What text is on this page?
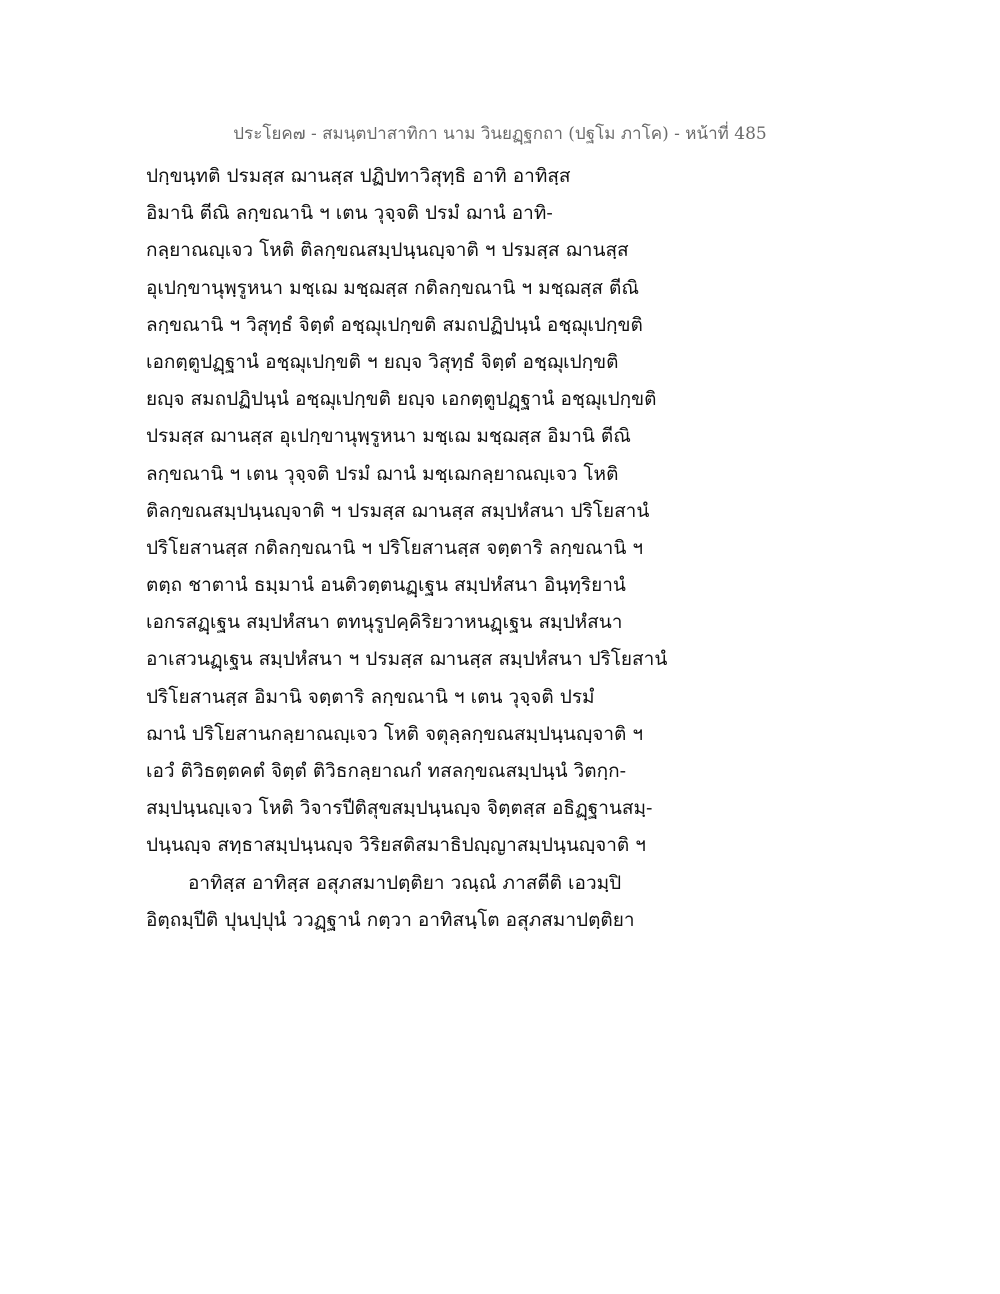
ประโยค๗ - สมนฺตปาสาทิกา นาม วินยฏฺฐกถา (ปฐโม ภาโค) - หน้าที่ 485
ปกฺขนฺทติ ปรมสฺส ฌานสฺส ปฏิปทาวิสุทฺธิ อาทิ อาทิสฺส
อิมานิ ตีณิ ลกฺขณานิ ฯ เตน วุจฺจติ ปรมํ ฌานํ อาทิ-
กลฺยาณญฺเจว โหติ ติลกฺขณสมฺปนฺนญฺจาติ ฯ ปรมสฺส ฌานสฺส
อุเปกฺขานุพฺรูหนา มชฺเฌ มชฺฌสฺส กติลกฺขณานิ ฯ มชฺฌสฺส ตีณิ
ลกฺขณานิ ฯ วิสุทฺธํ จิตฺตํ อชฺฌุเปกฺขติ สมถปฏิปนฺนํ อชฺฌุเปกฺขติ
เอกตฺตูปฏฺฐานํ อชฺฌุเปกฺขติ ฯ ยญฺจ วิสุทฺธํ จิตฺตํ อชฺฌุเปกฺขติ
ยญฺจ สมถปฏิปนฺนํ อชฺฌุเปกฺขติ ยญฺจ เอกตฺตูปฏฺฐานํ อชฺฌุเปกฺขติ
ปรมสฺส ฌานสฺส อุเปกฺขานุพฺรูหนา มชฺเฌ มชฺฌสฺส อิมานิ ตีณิ
ลกฺขณานิ ฯ เตน วุจฺจติ ปรมํ ฌานํ มชฺเฌกลฺยาณญฺเจว โหติ
ติลกฺขณสมฺปนฺนญฺจาติ ฯ ปรมสฺส ฌานสฺส สมฺปหํสนา ปริโยสานํ
ปริโยสานสฺส กติลกฺขณานิ ฯ ปริโยสานสฺส จตฺตาริ ลกฺขณานิ ฯ
ตตฺถ ชาตานํ ธมฺมานํ อนติวตฺตนฏฺเฐน สมฺปหํสนา อินฺทฺริยานํ
เอกรสฏฺเฐน สมฺปหํสนา ตทนุรูปคฺคิริยวาหนฏฺเฐน สมฺปหํสนา
อาเสวนฏฺเฐน สมฺปหํสนา ฯ ปรมสฺส ฌานสฺส สมฺปหํสนา ปริโยสานํ
ปริโยสานสฺส อิมานิ จตฺตาริ ลกฺขณานิ ฯ เตน วุจฺจติ ปรมํ
ฌานํ ปริโยสานกลฺยาณญฺเจว โหติ จตุลฺลกฺขณสมฺปนฺนญฺจาติ ฯ
เอวํ ติวิธตฺตคตํ จิตฺตํ ติวิธกลฺยาณกํ ทสลกฺขณสมฺปนฺนํ วิตกฺก-
สมฺปนฺนญฺเจว โหติ วิจารปีติสุขสมฺปนฺนญฺจ จิตฺตสฺส อธิฏฺฐานสมฺ-
ปนฺนญฺจ สทฺธาสมฺปนฺนญฺจ วิริยสติสมาธิปญฺญาสมฺปนฺนญฺจาติ ฯ
อาทิสฺส อาทิสฺส อสุภสมาปตฺติยา วณฺณํ ภาสตีติ เอวมฺปิ
อิตฺถมฺปีติ ปุนปฺปุนํ ววฏฺฐานํ กตฺวา อาทิสนฺโต อสุภสมาปตฺติยา
